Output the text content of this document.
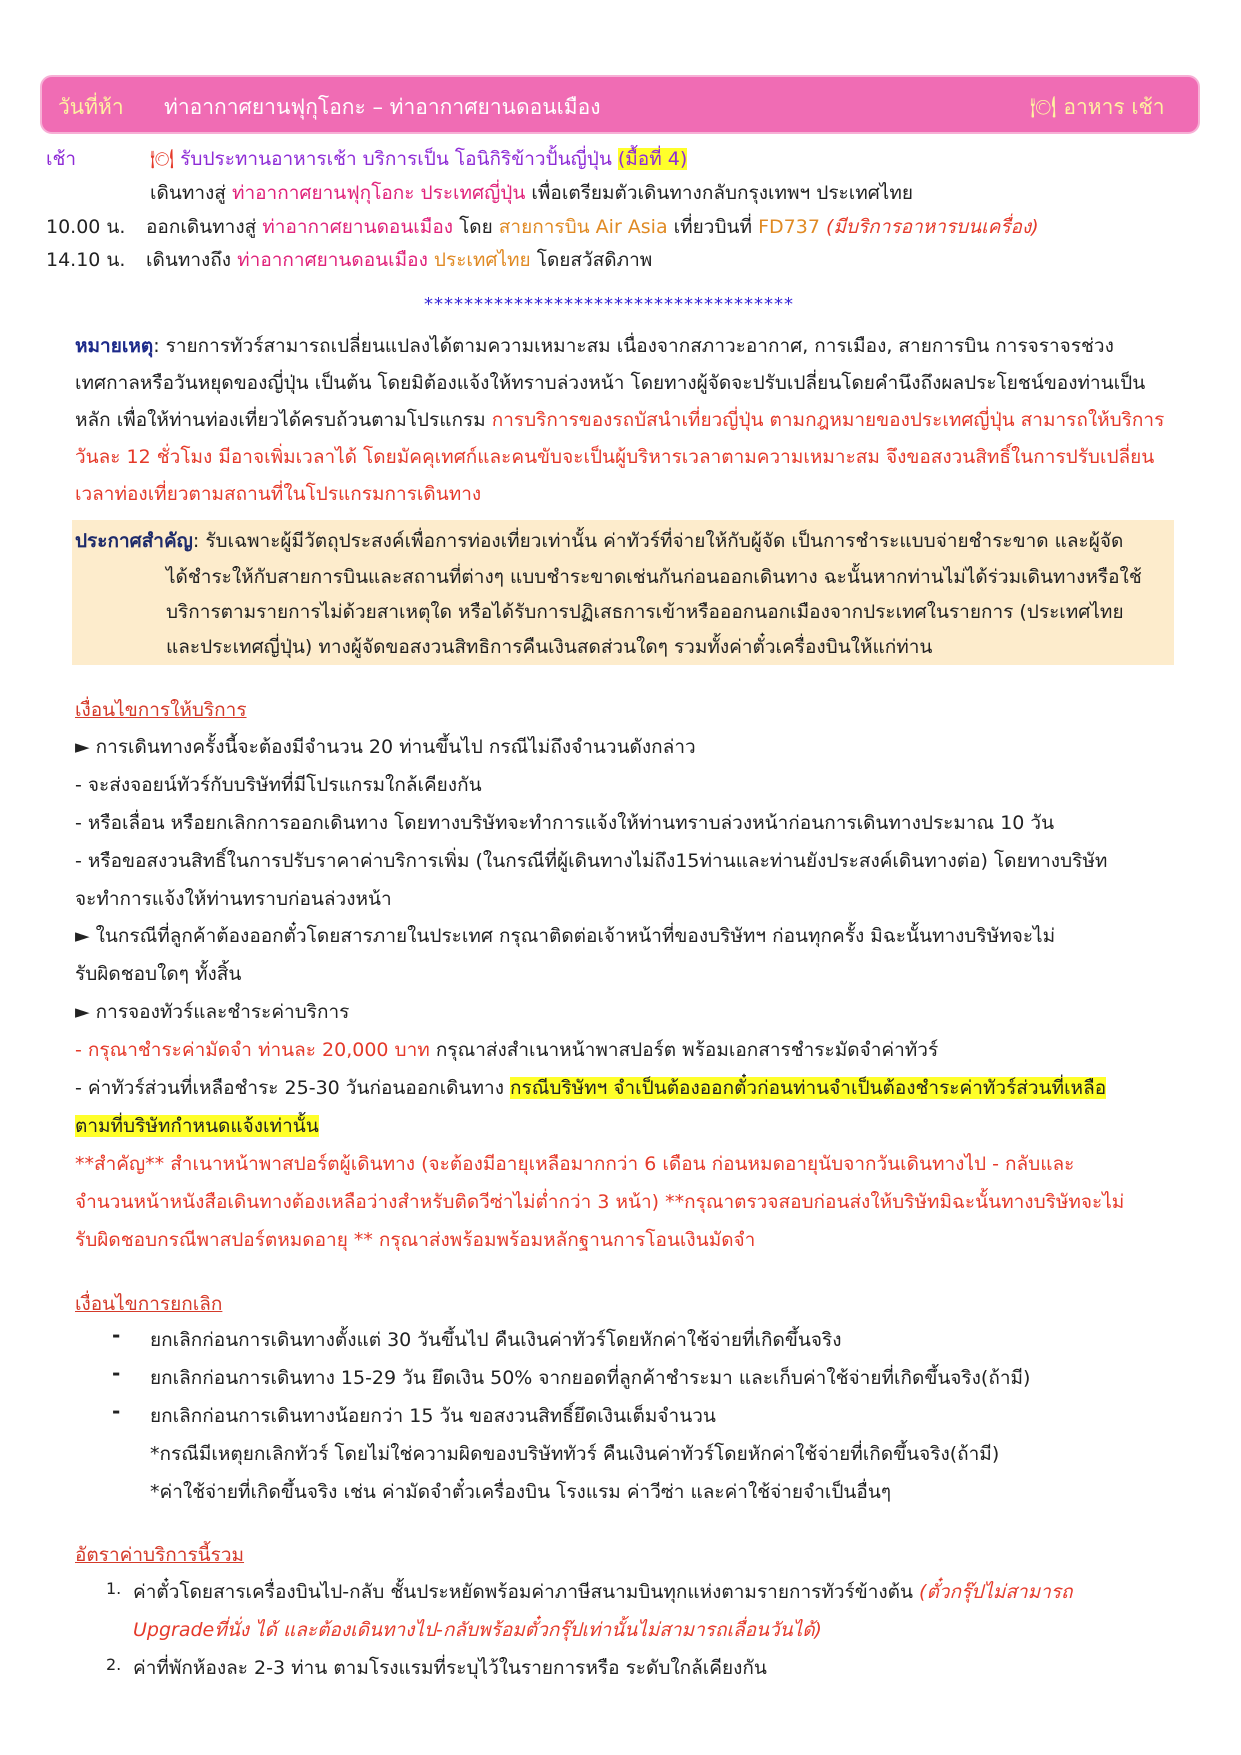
วันที่ห้า ท่าอากาศยานฟุกุโอกะ – ท่าอากาศยานดอนเมือง	🍽 อาหาร เช้า
เช้า	🍽 รับประทานอาหารเช้า บริการเป็น โอนิกิริข้าวปั้นญี่ปุ่น (มื้อที่ 4)
เดินทางสู่ ท่าอากาศยานฟุกุโอกะ ประเทศญี่ปุ่น เพื่อเตรียมตัวเดินทางกลับกรุงเทพฯ ประเทศไทย
10.00 น. ออกเดินทางสู่ ท่าอากาศยานดอนเมือง โดย สายการบิน Air Asia เที่ยวบินที่ FD737 (มีบริการอาหารบนเครื่อง)
14.10 น. เดินทางถึง ท่าอากาศยานดอนเมือง ประเทศไทย โดยสวัสดิภาพ
*************************************
หมายเหตุ: รายการทัวร์สามารถเปลี่ยนแปลงได้ตามความเหมาะสม เนื่องจากสภาวะอากาศ, การเมือง, สายการบิน การจราจรช่วงเทศกาลหรือวันหยุดของญี่ปุ่น เป็นต้น โดยมิต้องแจ้งให้ทราบล่วงหน้า โดยทางผู้จัดจะปรับเปลี่ยนโดยคำนึงถึงผลประโยชน์ของท่านเป็นหลัก เพื่อให้ท่านท่องเที่ยวได้ครบถ้วนตามโปรแกรม การบริการของรถบัสนำเที่ยวญี่ปุ่น ตามกฎหมายของประเทศญี่ปุ่น สามารถให้บริการวันละ 12 ชั่วโมง มีอาจเพิ่มเวลาได้ โดยมัคคุเทศก์และคนขับจะเป็นผู้บริหารเวลาตามความเหมาะสม จึงขอสงวนสิทธิ์ในการปรับเปลี่ยนเวลาท่องเที่ยวตามสถานที่ในโปรแกรมการเดินทาง
ประกาศสำคัญ: รับเฉพาะผู้มีวัตถุประสงค์เพื่อการท่องเที่ยวเท่านั้น ค่าทัวร์ที่จ่ายให้กับผู้จัด เป็นการชำระแบบจ่ายชำระขาด และผู้จัด
ได้ชำระให้กับสายการบินและสถานที่ต่างๆ แบบชำระขาดเช่นกันก่อนออกเดินทาง ฉะนั้นหากท่านไม่ได้ร่วมเดินทางหรือใช้
บริการตามรายการไม่ด้วยสาเหตุใด หรือได้รับการปฏิเสธการเข้าหรือออกนอกเมืองจากประเทศในรายการ (ประเทศไทย
และประเทศญี่ปุ่น) ทางผู้จัดขอสงวนสิทธิการคืนเงินสดส่วนใดๆ รวมทั้งค่าตั๋วเครื่องบินให้แก่ท่าน
เงื่อนไขการให้บริการ
► การเดินทางครั้งนี้จะต้องมีจำนวน 20 ท่านขึ้นไป กรณีไม่ถึงจำนวนดังกล่าว
- จะส่งจอยน์ทัวร์กับบริษัทที่มีโปรแกรมใกล้เคียงกัน
- หรือเลื่อน หรือยกเลิกการออกเดินทาง โดยทางบริษัทจะทำการแจ้งให้ท่านทราบล่วงหน้าก่อนการเดินทางประมาณ 10 วัน
- หรือขอสงวนสิทธิ์ในการปรับราคาค่าบริการเพิ่ม (ในกรณีที่ผู้เดินทางไม่ถึง15ท่านและท่านยังประสงค์เดินทางต่อ) โดยทางบริษัท
จะทำการแจ้งให้ท่านทราบก่อนล่วงหน้า
► ในกรณีที่ลูกค้าต้องออกตั๋วโดยสารภายในประเทศ กรุณาติดต่อเจ้าหน้าที่ของบริษัทฯ ก่อนทุกครั้ง มิฉะนั้นทางบริษัทจะไม่
รับผิดชอบใดๆ ทั้งสิ้น
► การจองทัวร์และชำระค่าบริการ
- กรุณาชำระค่ามัดจำ ท่านละ 20,000 บาท กรุณาส่งสำเนาหน้าพาสปอร์ต พร้อมเอกสารชำระมัดจำค่าทัวร์
- ค่าทัวร์ส่วนที่เหลือชำระ 25-30 วันก่อนออกเดินทาง กรณีบริษัทฯ จำเป็นต้องออกตั๋วก่อนท่านจำเป็นต้องชำระค่าทัวร์ส่วนที่เหลือ
ตามที่บริษัทกำหนดแจ้งเท่านั้น
**สำคัญ** สำเนาหน้าพาสปอร์ตผู้เดินทาง (จะต้องมีอายุเหลือมากกว่า 6 เดือน ก่อนหมดอายุนับจากวันเดินทางไป - กลับและ
จำนวนหน้าหนังสือเดินทางต้องเหลือว่างสำหรับติดวีซ่าไม่ต่ำกว่า 3 หน้า) **กรุณาตรวจสอบก่อนส่งให้บริษัทมิฉะนั้นทางบริษัทจะไม่
รับผิดชอบกรณีพาสปอร์ตหมดอายุ ** กรุณาส่งพร้อมพร้อมหลักฐานการโอนเงินมัดจำ
เงื่อนไขการยกเลิก
- ยกเลิกก่อนการเดินทางตั้งแต่ 30 วันขึ้นไป คืนเงินค่าทัวร์โดยหักค่าใช้จ่ายที่เกิดขึ้นจริง
- ยกเลิกก่อนการเดินทาง 15-29 วัน ยึดเงิน 50% จากยอดที่ลูกค้าชำระมา และเก็บค่าใช้จ่ายที่เกิดขึ้นจริง(ถ้ามี)
- ยกเลิกก่อนการเดินทางน้อยกว่า 15 วัน ขอสงวนสิทธิ์ยึดเงินเต็มจำนวน
*กรณีมีเหตุยกเลิกทัวร์ โดยไม่ใช่ความผิดของบริษัททัวร์ คืนเงินค่าทัวร์โดยหักค่าใช้จ่ายที่เกิดขึ้นจริง(ถ้ามี)
*ค่าใช้จ่ายที่เกิดขึ้นจริง เช่น ค่ามัดจำตั๋วเครื่องบิน โรงแรม ค่าวีซ่า และค่าใช้จ่ายจำเป็นอื่นๆ
อัตราค่าบริการนี้รวม
1. ค่าตั๋วโดยสารเครื่องบินไป-กลับ ชั้นประหยัดพร้อมค่าภาษีสนามบินทุกแห่งตามรายการทัวร์ข้างต้น (ตั๋วกรุ๊ปไม่สามารถ
Upgradeที่นั่ง ได้ และต้องเดินทางไป-กลับพร้อมตั๋วกรุ๊ปเท่านั้นไม่สามารถเลื่อนวันได้)
2. ค่าที่พักห้องละ 2-3 ท่าน ตามโรงแรมที่ระบุไว้ในรายการหรือ ระดับใกล้เคียงกัน
